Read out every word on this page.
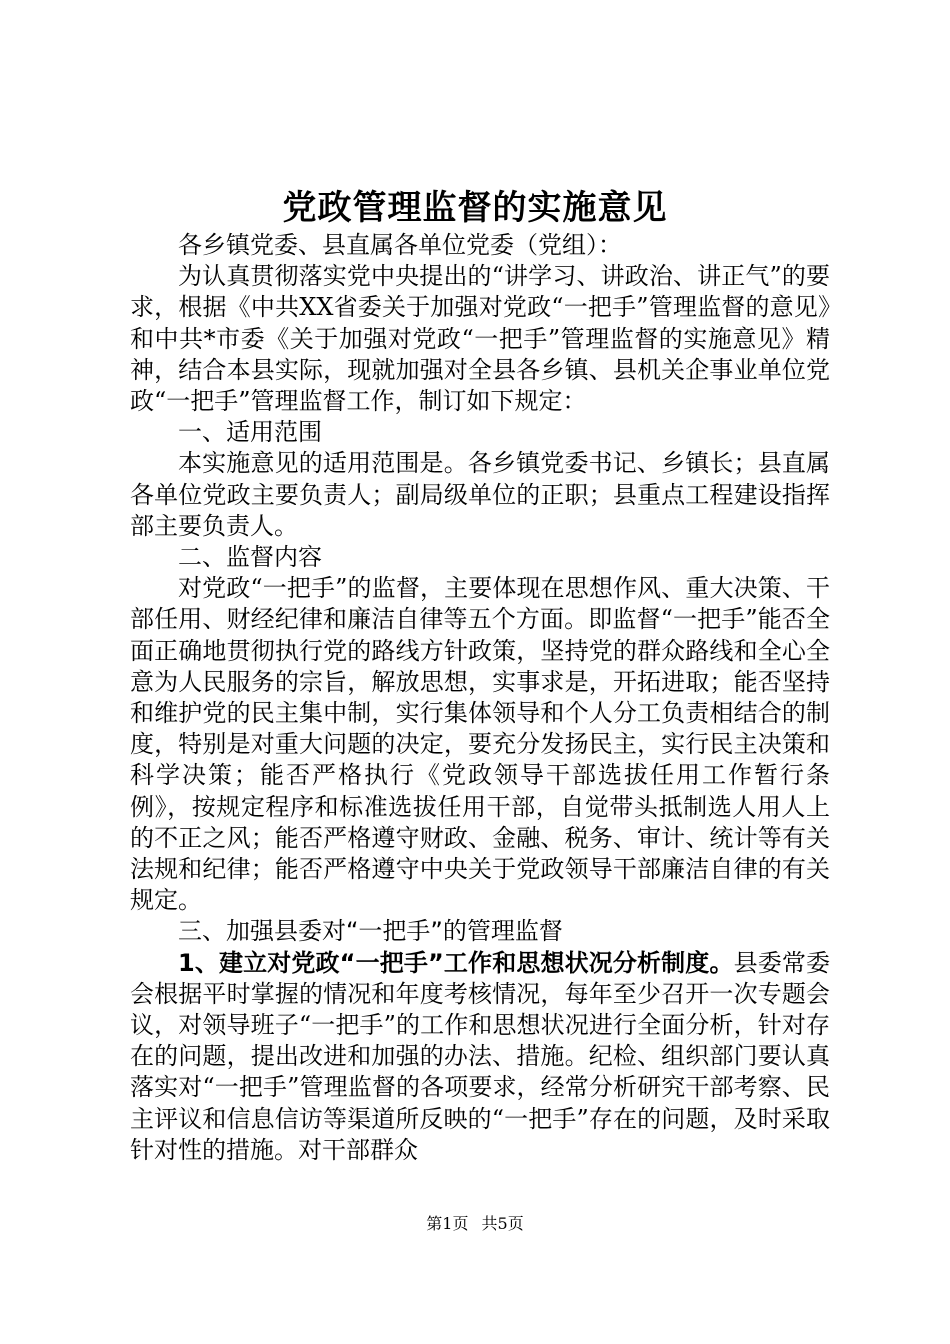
党政管理监督的实施意见

各乡镇党委、县直属各单位党委（党组）：

为认真贯彻落实党中央提出的“讲学习、讲政治、讲正气”的要求，根据《中共XX省委关于加强对党政“一把手”管理监督的意见》和中共*市委《关于加强对党政“一把手”管理监督的实施意见》精神，结合本县实际，现就加强对全县各乡镇、县机关企事业单位党政“一把手”管理监督工作，制订如下规定：

一、适用范围

本实施意见的适用范围是。各乡镇党委书记、乡镇长；县直属各单位党政主要负责人；副局级单位的正职；县重点工程建设指挥部主要负责人。

二、监督内容

对党政“一把手”的监督，主要体现在思想作风、重大决策、干部任用、财经纪律和廉洁自律等五个方面。即监督“一把手”能否全面正确地贯彻执行党的路线方针政策，坚持党的群众路线和全心全意为人民服务的宗旨，解放思想，实事求是，开拓进取；能否坚持和维护党的民主集中制，实行集体领导和个人分工负责相结合的制度，特别是对重大问题的决定，要充分发扬民主，实行民主决策和科学决策；能否严格执行《党政领导干部选拔任用工作暂行条例》，按规定程序和标准选拔任用干部，自觉带头抵制选人用人上的不正之风；能否严格遵守财政、金融、税务、审计、统计等有关法规和纪律；能否严格遵守中央关于党政领导干部廉洁自律的有关规定。

三、加强县委对“一把手”的管理监督

1、建立对党政“一把手”工作和思想状况分析制度。县委常委会根据平时掌握的情况和年度考核情况，每年至少召开一次专题会议，对领导班子“一把手”的工作和思想状况进行全面分析，针对存在的问题，提出改进和加强的办法、措施。纪检、组织部门要认真落实对“一把手”管理监督的各项要求，经常分析研究干部考察、民主评议和信息信访等渠道所反映的“一把手”存在的问题，及时采取针对性的措施。对干部群众

第1页 共5页
